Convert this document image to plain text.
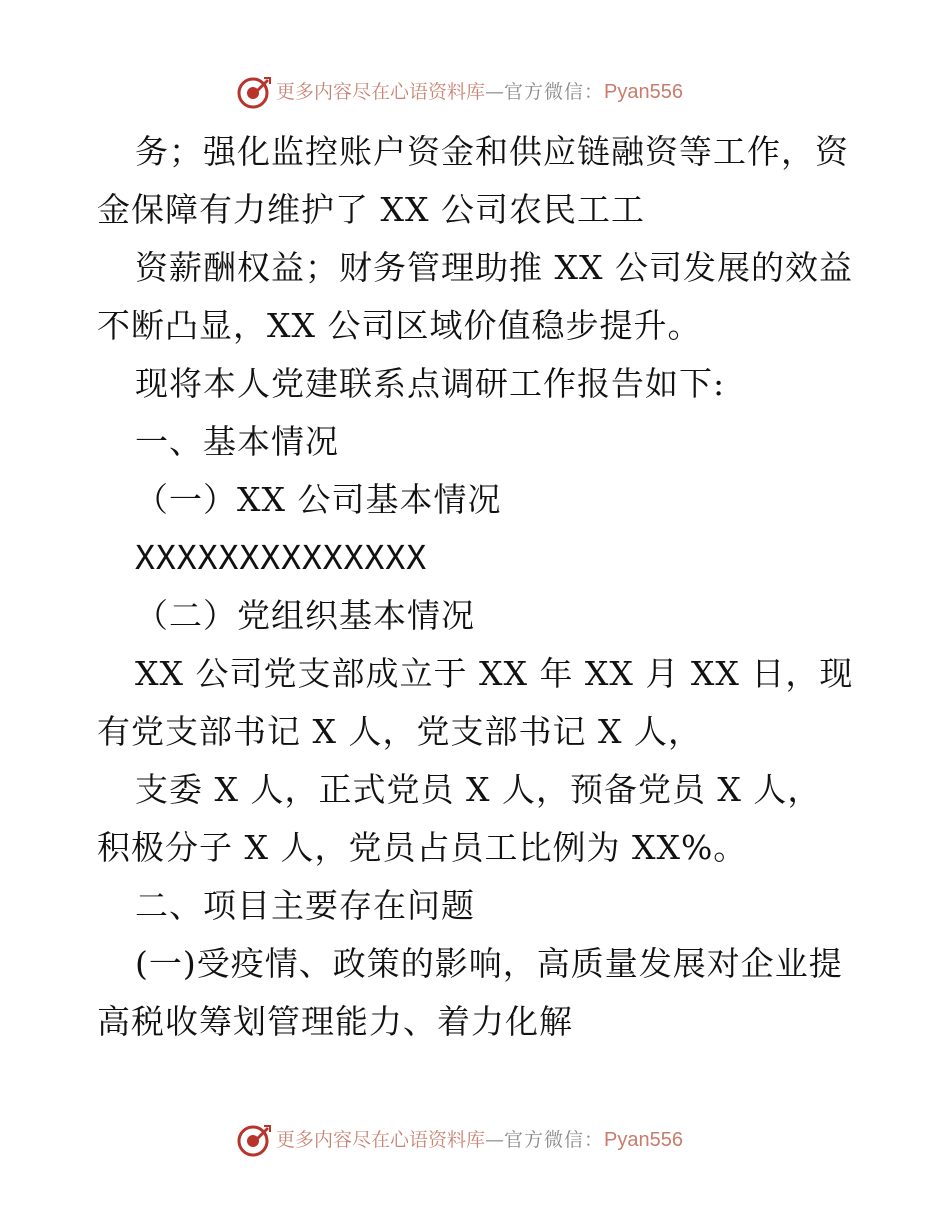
更多内容尽在心语资料库 — 官方微信： Pyan556
务；强化监控账户资金和供应链融资等工作，资
金保障有力维护了 XX 公司农民工工
资薪酬权益；财务管理助推 XX 公司发展的效益
不断凸显，XX 公司区域价值稳步提升。
现将本人党建联系点调研工作报告如下:
一、基本情况
（一）XX 公司基本情况
XXXXXXXXXXXXXX
（二）党组织基本情况
XX 公司党支部成立于 XX 年 XX 月 XX 日，现
有党支部书记 X 人，党支部书记 X 人，
支委 X 人，正式党员 X 人，预备党员 X 人，
积极分子 X 人，党员占员工比例为 XX%。
二、项目主要存在问题
(一)受疫情、政策的影响，高质量发展对企业提
高税收筹划管理能力、着力化解
更多内容尽在心语资料库 — 官方微信： Pyan556
